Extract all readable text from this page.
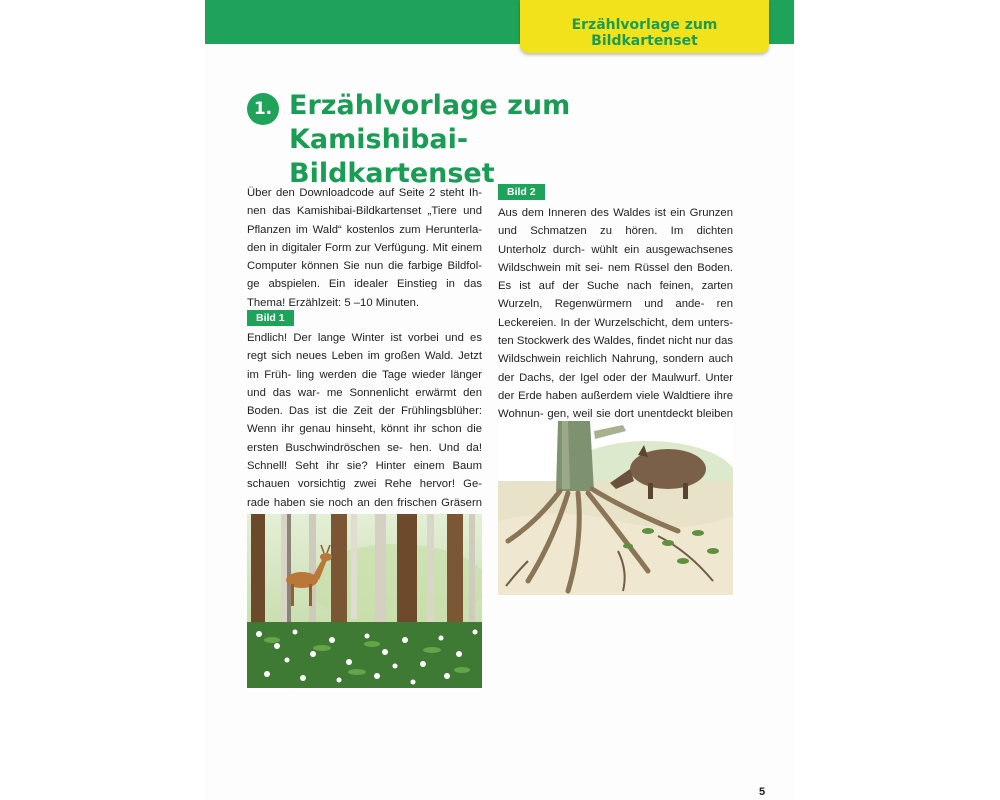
Erzählvorlage zum Bildkartenset
1. Erzählvorlage zum Kamishibai-
Bildkartenset

Über den Downloadcode auf Seite 2 steht Ih- nen das Kamishibai-Bildkartenset „Tiere und Pflanzen im Wald“ kostenlos zum Herunterla- den in digitaler Form zur Verfügung. Mit einem Computer können Sie nun die farbige Bildfol- ge abspielen. Ein idealer Einstieg in das Thema! Erzählzeit: 5 –10 Minuten.

Bild 1

Endlich! Der lange Winter ist vorbei und es regt sich neues Leben im großen Wald. Jetzt im Früh- ling werden die Tage wieder länger und das war- me Sonnenlicht erwärmt den Boden. Das ist die Zeit der Frühlingsblüher: Wenn ihr genau hinseht, könnt ihr schon die ersten Buschwindröschen se- hen. Und da! Schnell! Seht ihr sie? Hinter einem Baum schauen vorsichtig zwei Rehe hervor! Ge- rade haben sie noch an den frischen Gräsern

Bild 2

Aus dem Inneren des Waldes ist ein Grunzen und Schmatzen zu hören. Im dichten Unterholz durch- wühlt ein ausgewachsenes Wildschwein mit sei- nem Rüssel den Boden. Es ist auf der Suche nach feinen, zarten Wurzeln, Regenwürmern und ande- ren Leckereien. In der Wurzelschicht, dem unters- ten Stockwerk des Waldes, findet nicht nur das Wildschwein reichlich Nahrung, sondern auch der Dachs, der Igel oder der Maulwurf. Unter der Erde haben außerdem viele Waldtiere ihre Wohnun- gen, weil sie dort unentdeckt bleiben

5
